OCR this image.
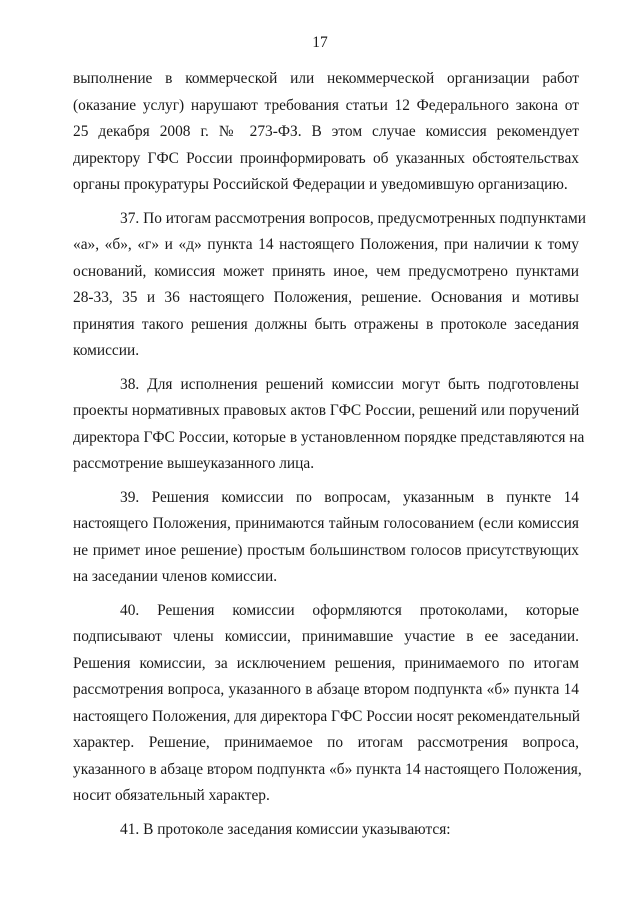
17

выполнение в коммерческой или некоммерческой организации работ
(оказание услуг) нарушают требования статьи 12 Федерального закона от
25 декабря 2008 г. № 273-ФЗ. В этом случае комиссия рекомендует
директору ГФС России проинформировать об указанных обстоятельствах
органы прокуратуры Российской Федерации и уведомившую организацию.

37. По итогам рассмотрения вопросов, предусмотренных подпунктами
«а», «б», «г» и «д» пункта 14 настоящего Положения, при наличии к тому
оснований, комиссия может принять иное, чем предусмотрено пунктами
28-33, 35 и 36 настоящего Положения, решение. Основания и мотивы
принятия такого решения должны быть отражены в протоколе заседания
комиссии.

38. Для исполнения решений комиссии могут быть подготовлены
проекты нормативных правовых актов ГФС России, решений или поручений
директора ГФС России, которые в установленном порядке представляются на
рассмотрение вышеуказанного лица.

39. Решения комиссии по вопросам, указанным в пункте 14
настоящего Положения, принимаются тайным голосованием (если комиссия
не примет иное решение) простым большинством голосов присутствующих
на заседании членов комиссии.

40. Решения комиссии оформляются протоколами, которые
подписывают члены комиссии, принимавшие участие в ее заседании.
Решения комиссии, за исключением решения, принимаемого по итогам
рассмотрения вопроса, указанного в абзаце втором подпункта «б» пункта 14
настоящего Положения, для директора ГФС России носят рекомендательный
характер. Решение, принимаемое по итогам рассмотрения вопроса,
указанного в абзаце втором подпункта «б» пункта 14 настоящего Положения,
носит обязательный характер.

41. В протоколе заседания комиссии указываются:
